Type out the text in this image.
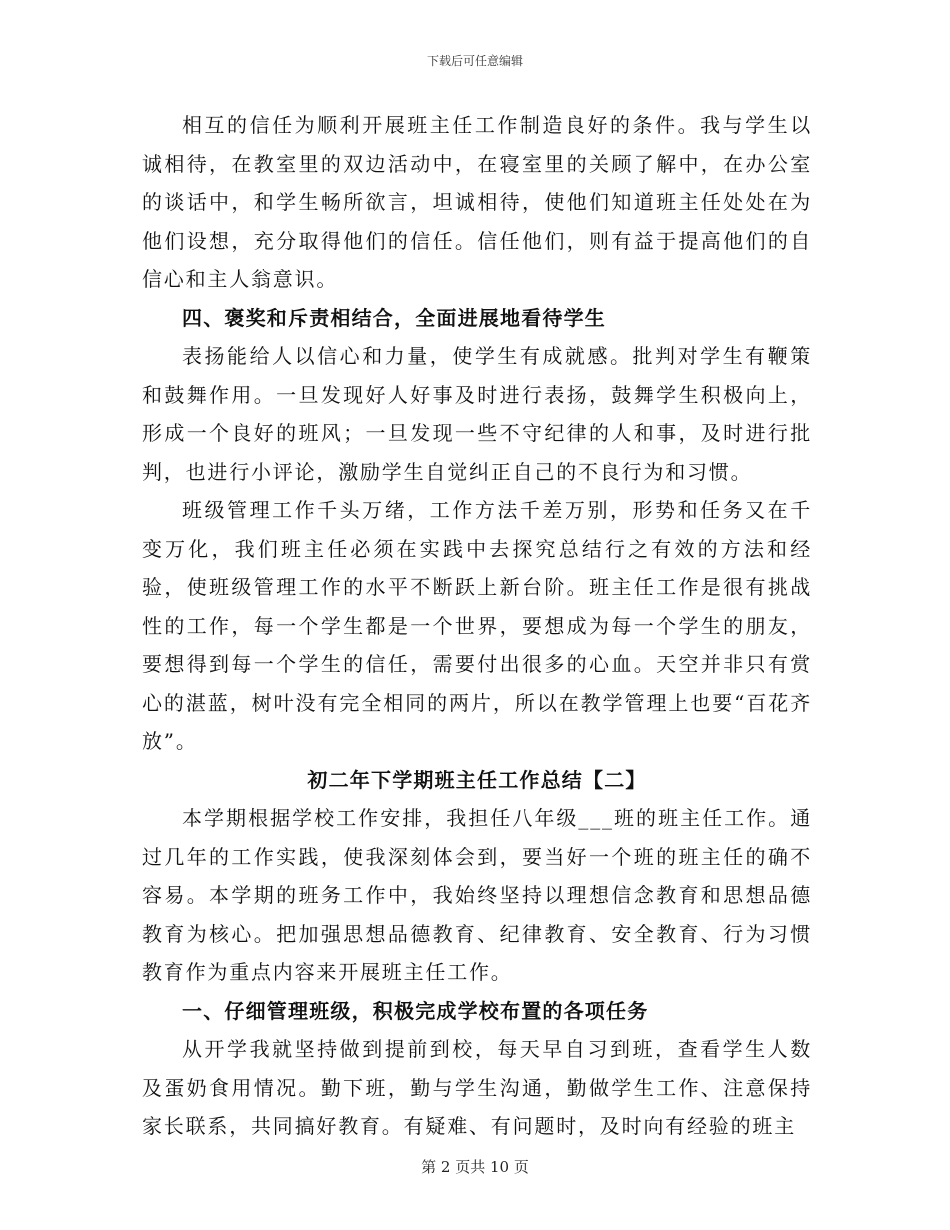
下载后可任意编辑

相互的信任为顺利开展班主任工作制造良好的条件。我与学生以诚相待，在教室里的双边活动中，在寝室里的关顾了解中，在办公室的谈话中，和学生畅所欲言，坦诚相待，使他们知道班主任处处在为他们设想，充分取得他们的信任。信任他们，则有益于提高他们的自信心和主人翁意识。

四、褒奖和斥责相结合，全面进展地看待学生

表扬能给人以信心和力量，使学生有成就感。批判对学生有鞭策和鼓舞作用。一旦发现好人好事及时进行表扬，鼓舞学生积极向上，形成一个良好的班风；一旦发现一些不守纪律的人和事，及时进行批判，也进行小评论，激励学生自觉纠正自己的不良行为和习惯。

班级管理工作千头万绪，工作方法千差万别，形势和任务又在千变万化，我们班主任必须在实践中去探究总结行之有效的方法和经验，使班级管理工作的水平不断跃上新台阶。班主任工作是很有挑战性的工作，每一个学生都是一个世界，要想成为每一个学生的朋友，要想得到每一个学生的信任，需要付出很多的心血。天空并非只有赏心的湛蓝，树叶没有完全相同的两片，所以在教学管理上也要“百花齐放”。

初二年下学期班主任工作总结【二】

本学期根据学校工作安排，我担任八年级___班的班主任工作。通过几年的工作实践，使我深刻体会到，要当好一个班的班主任的确不容易。本学期的班务工作中，我始终坚持以理想信念教育和思想品德教育为核心。把加强思想品德教育、纪律教育、安全教育、行为习惯教育作为重点内容来开展班主任工作。

一、仔细管理班级，积极完成学校布置的各项任务

从开学我就坚持做到提前到校，每天早自习到班，查看学生人数及蛋奶食用情况。勤下班，勤与学生沟通，勤做学生工作、注意保持家长联系，共同搞好教育。有疑难、有问题时，及时向有经验的班主

第 2 页共 10 页
